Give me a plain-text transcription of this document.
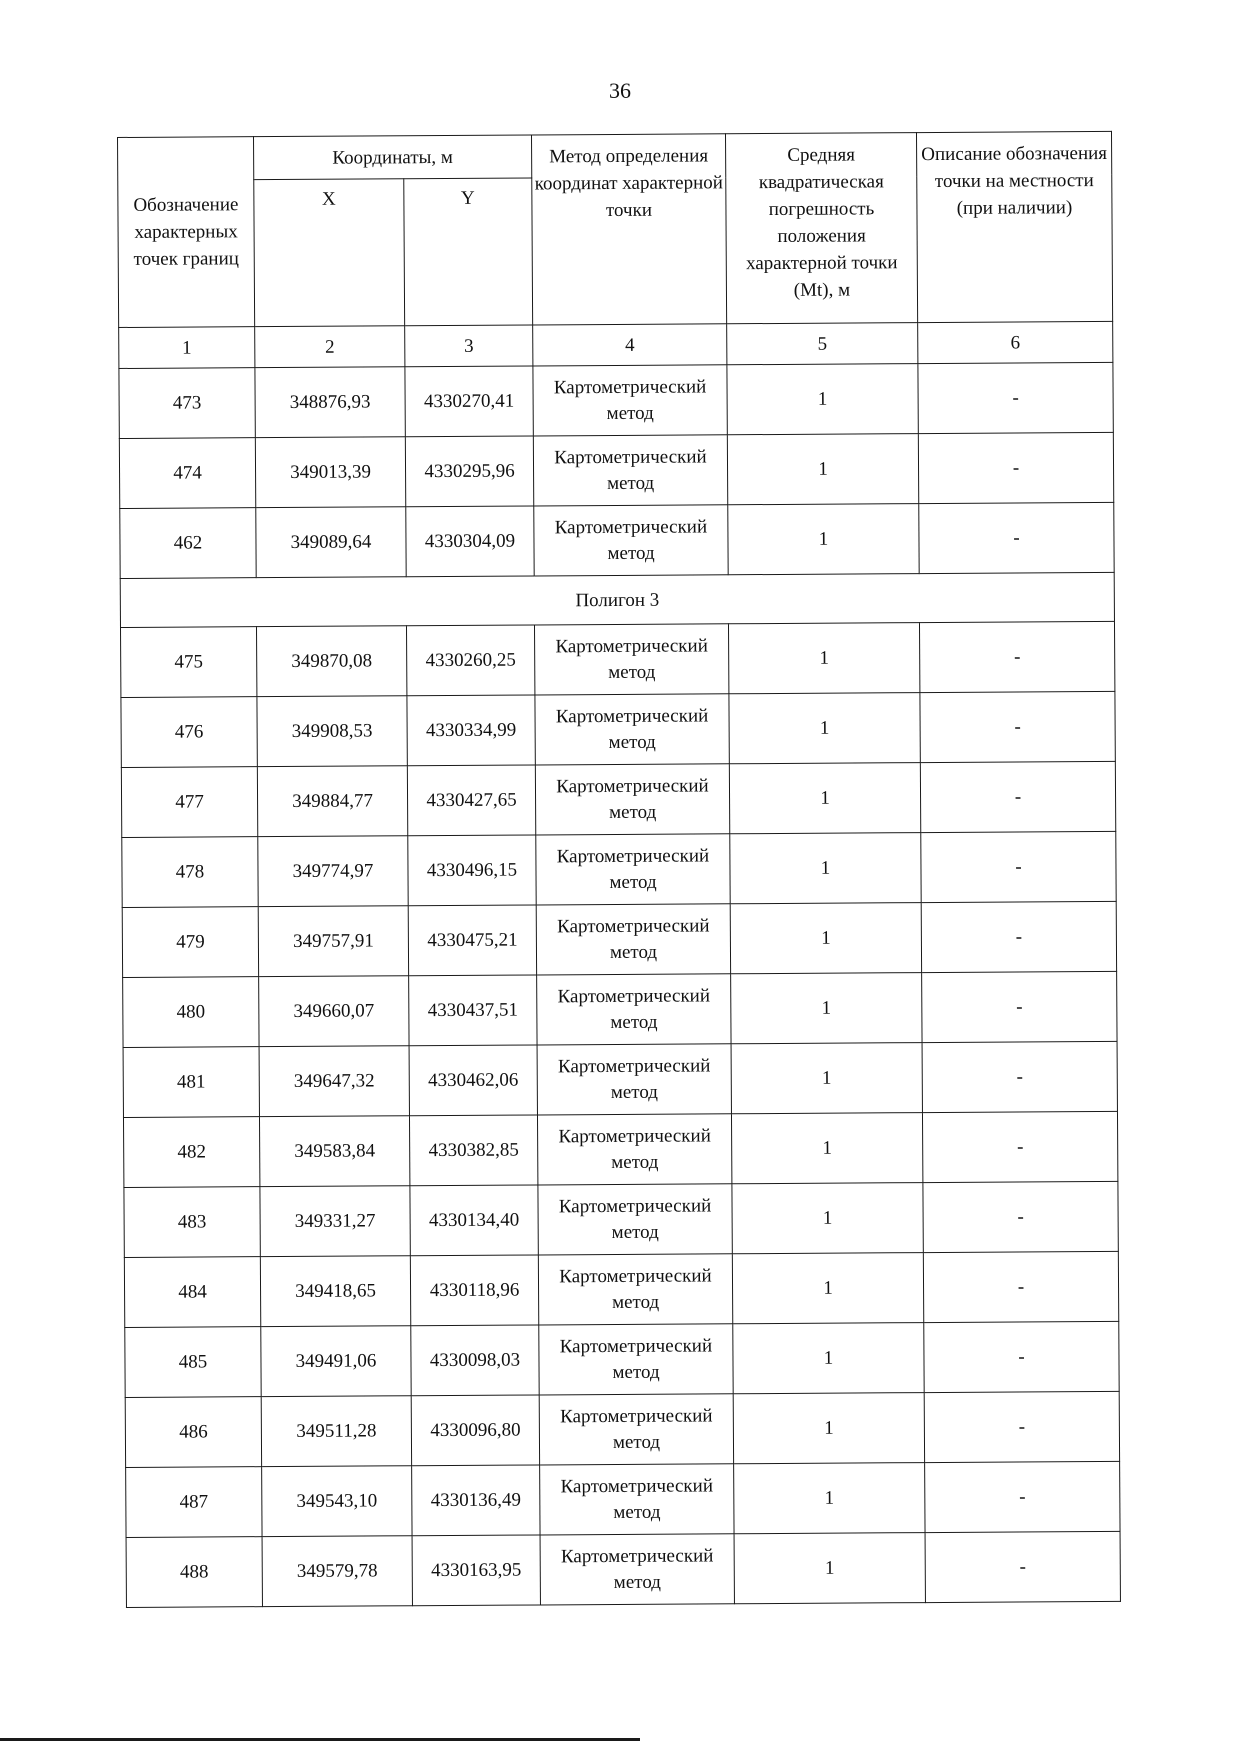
36
Обозначение характерных точек границ	Координаты, м		Метод определения координат характерной точки	Средняя квадратическая погрешность положения характерной точки (Mt), м	Описание обозначения точки на местности (при наличии)
	X	Y			
1	2	3	4	5	6
473	348876,93	4330270,41	Картометрический метод	1	-
474	349013,39	4330295,96	Картометрический метод	1	-
462	349089,64	4330304,09	Картометрический метод	1	-
Полигон 3					
475	349870,08	4330260,25	Картометрический метод	1	-
476	349908,53	4330334,99	Картометрический метод	1	-
477	349884,77	4330427,65	Картометрический метод	1	-
478	349774,97	4330496,15	Картометрический метод	1	-
479	349757,91	4330475,21	Картометрический метод	1	-
480	349660,07	4330437,51	Картометрический метод	1	-
481	349647,32	4330462,06	Картометрический метод	1	-
482	349583,84	4330382,85	Картометрический метод	1	-
483	349331,27	4330134,40	Картометрический метод	1	-
484	349418,65	4330118,96	Картометрический метод	1	-
485	349491,06	4330098,03	Картометрический метод	1	-
486	349511,28	4330096,80	Картометрический метод	1	-
487	349543,10	4330136,49	Картометрический метод	1	-
488	349579,78	4330163,95	Картометрический метод	1	-
